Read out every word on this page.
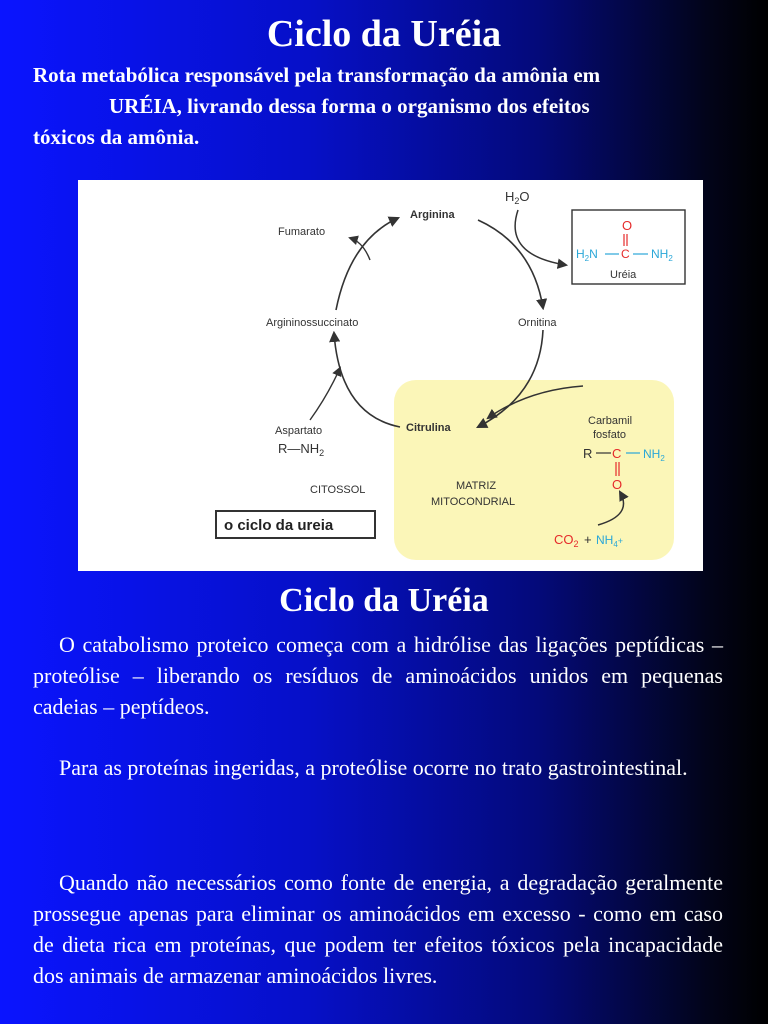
Ciclo da Uréia
Rota metabólica responsável pela transformação da amônia em
URÉIA, livrando dessa forma o organismo dos efeitos
tóxicos da amônia.
Arginina
Fumarato
Argininossuccinato	Ornitina
Citrulina
Aspartato
Carbamil
fosfato
CITOSSOL	MATRIZ
MITOCONDRIAL
$R—NH_2$
$H_2O$
O
$H_2N$ C $NH_2$
Uréia
R C $NH_2$
O
$CO_2 + NH_4^+$
o ciclo da ureia
Ciclo da Uréia
O catabolismo proteico começa com a hidrólise das ligações peptídicas – proteólise – liberando os resíduos de aminoácidos unidos em pequenas cadeias – peptídeos.
Para as proteínas ingeridas, a proteólise ocorre no trato gastrointestinal.
Quando não necessários como fonte de energia, a degradação geralmente prossegue apenas para eliminar os aminoácidos em excesso - como em caso de dieta rica em proteínas, que podem ter efeitos tóxicos pela incapacidade dos animais de armazenar aminoácidos livres.
